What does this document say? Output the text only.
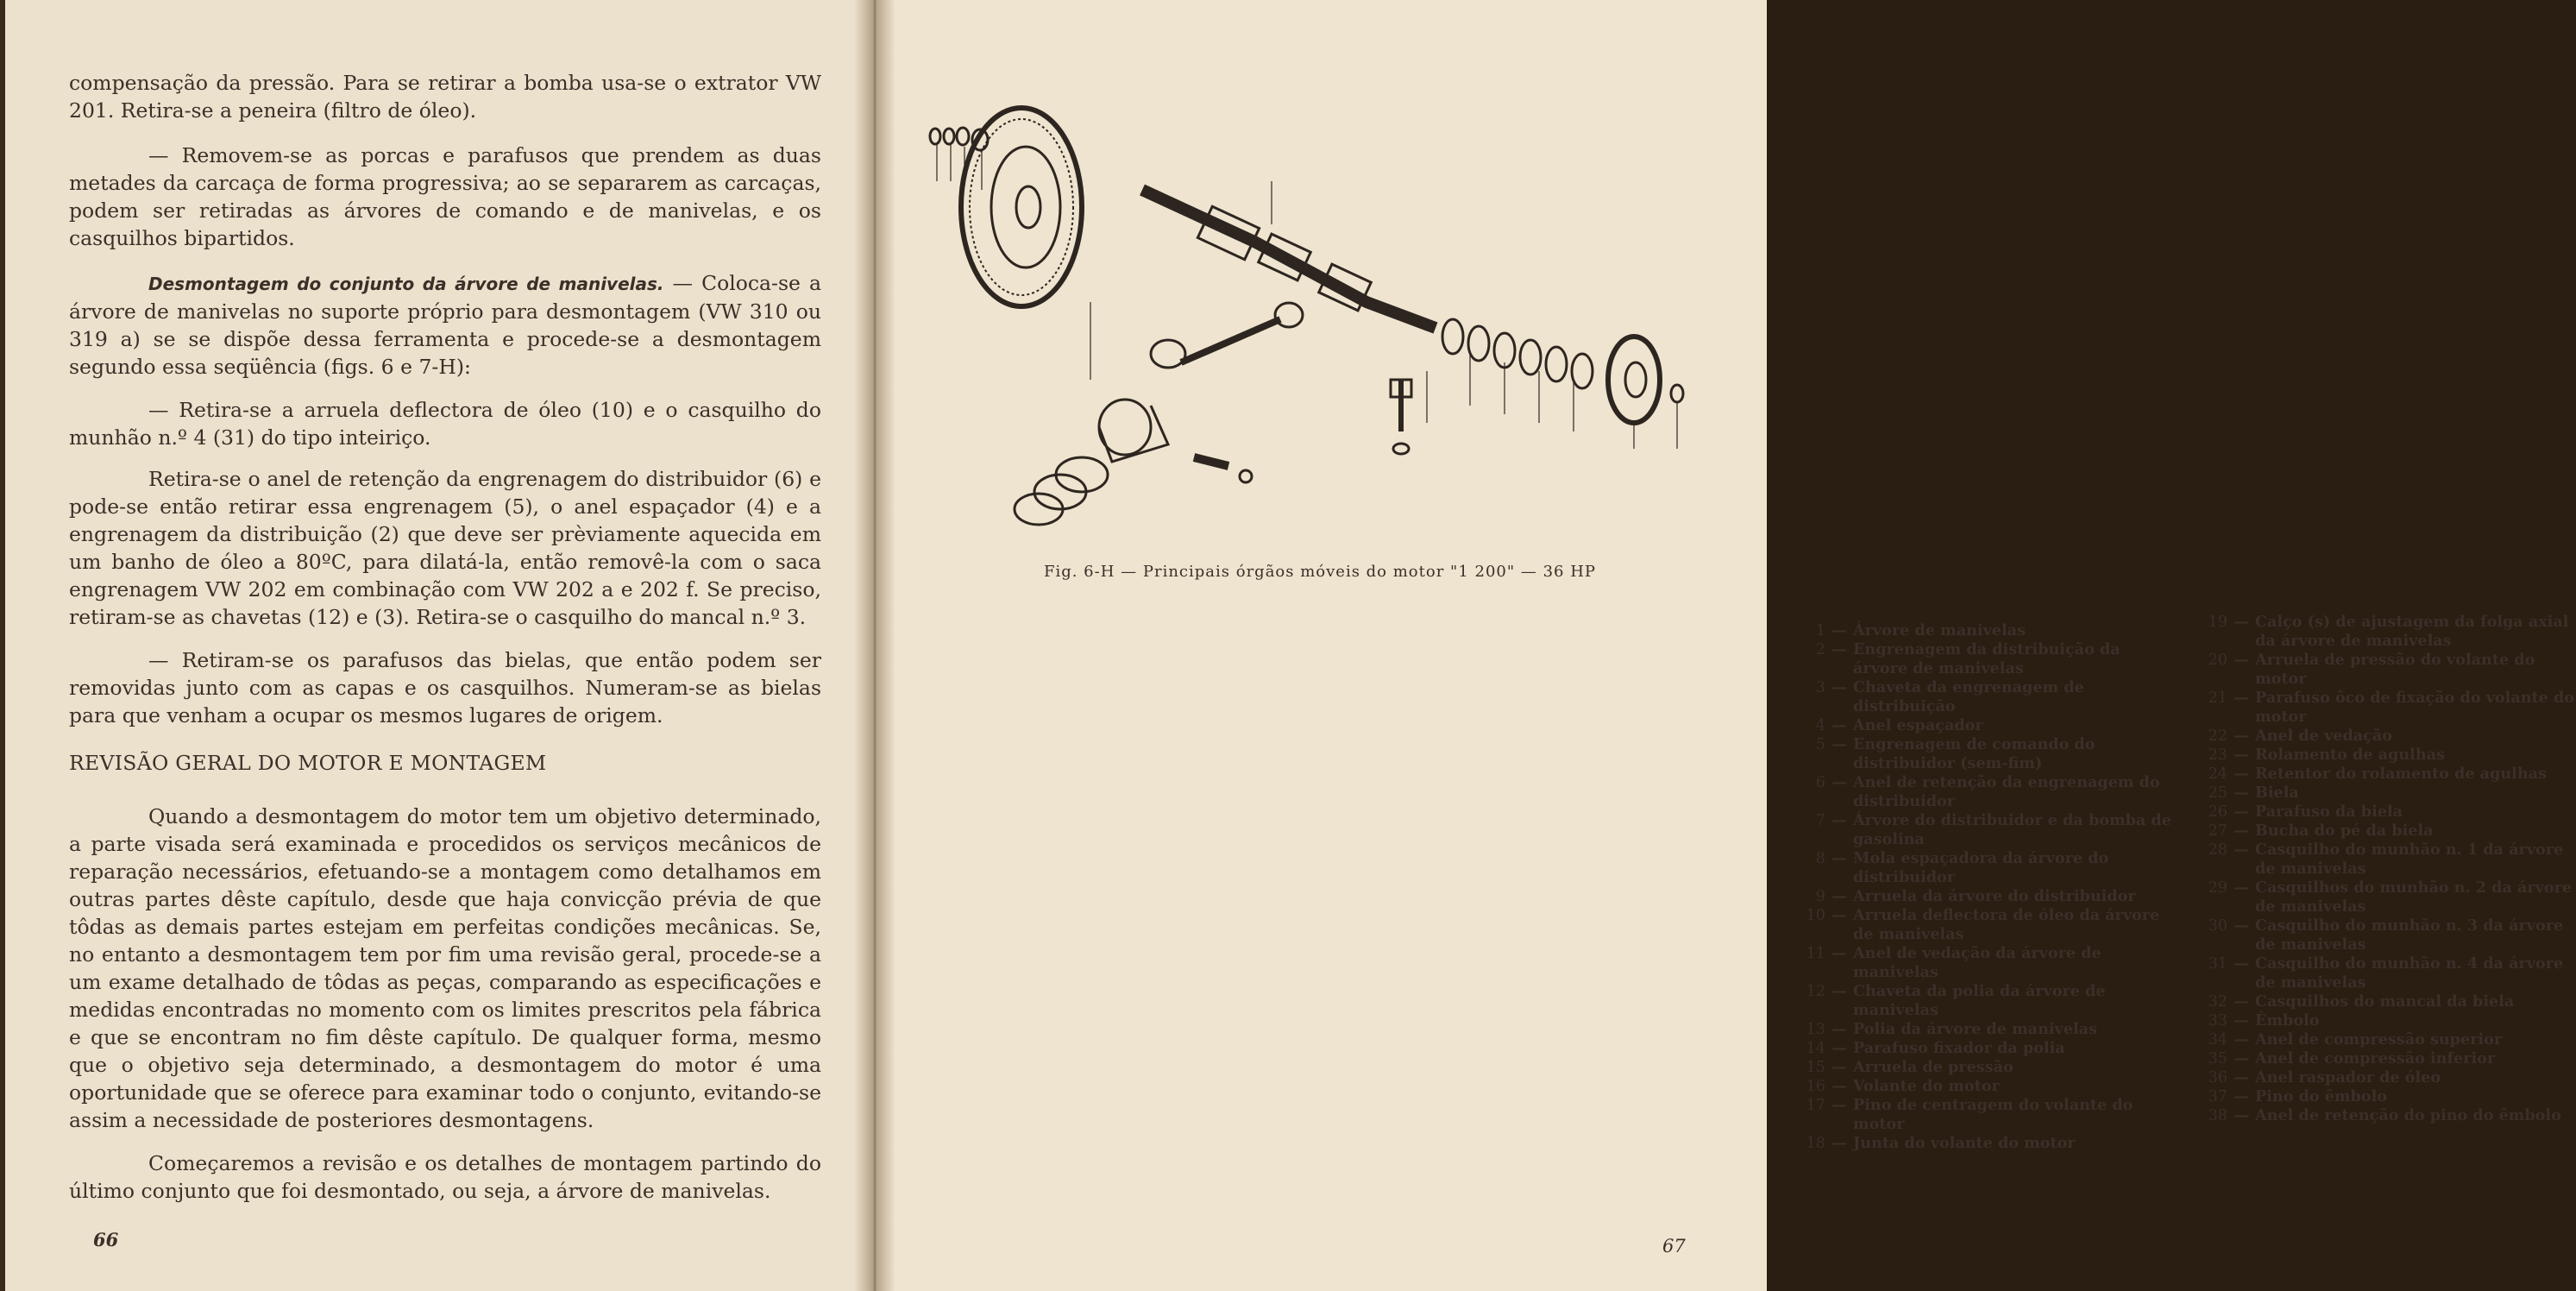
compensação da pressão. Para se retirar a bomba usa-se o extrator VW 201. Retira-se a peneira (filtro de óleo).

— Removem-se as porcas e parafusos que prendem as duas metades da carcaça de forma progressiva; ao se separarem as carcaças, podem ser retiradas as árvores de comando e de manivelas, e os casquilhos bipartidos.

Desmontagem do conjunto da árvore de manivelas. — Coloca-se a árvore de manivelas no suporte próprio para desmontagem (VW 310 ou 319 a) se se dispõe dessa ferramenta e procede-se a desmontagem segundo essa seqüência (figs. 6 e 7-H):

— Retira-se a arruela deflectora de óleo (10) e o casquilho do munhão n.º 4 (31) do tipo inteiriço.

Retira-se o anel de retenção da engrenagem do distribuidor (6) e pode-se então retirar essa engrenagem (5), o anel espaçador (4) e a engrenagem da distribuição (2) que deve ser prèviamente aquecida em um banho de óleo a 80ºC, para dilatá-la, então removê-la com o saca engrenagem VW 202 em combinação com VW 202 a e 202 f. Se preciso, retiram-se as chavetas (12) e (3). Retira-se o casquilho do mancal n.º 3.

— Retiram-se os parafusos das bielas, que então podem ser removidas junto com as capas e os casquilhos. Numeram-se as bielas para que venham a ocupar os mesmos lugares de origem.

REVISÃO GERAL DO MOTOR E MONTAGEM

Quando a desmontagem do motor tem um objetivo determinado, a parte visada será examinada e procedidos os serviços mecânicos de reparação necessários, efetuando-se a montagem como detalhamos em outras partes dêste capítulo, desde que haja convicção prévia de que tôdas as demais partes estejam em perfeitas condições mecânicas. Se, no entanto a desmontagem tem por fim uma revisão geral, procede-se a um exame detalhado de tôdas as peças, comparando as especificações e medidas encontradas no momento com os limites prescritos pela fábrica e que se encontram no fim dêste capítulo. De qualquer forma, mesmo que o objetivo seja determinado, a desmontagem do motor é uma oportunidade que se oferece para examinar todo o conjunto, evitando-se assim a necessidade de posteriores desmontagens.

Começaremos a revisão e os detalhes de montagem partindo do último conjunto que foi desmontado, ou seja, a árvore de manivelas.

66
Fig. 6-H — Principais órgãos móveis do motor "1 200" — 36 HP
1 — Árvore de manivelas
2 — Engrenagem da distribuição da árvore de manivelas
3 — Chaveta da engrenagem de distribuição
4 — Anel espaçador
5 — Engrenagem de comando do distribuidor (sem-fim)
6 — Anel de retenção da engrenagem do distribuidor
7 — Árvore do distribuidor e da bomba de gasolina
8 — Mola espaçadora da árvore do distribuidor
9 — Arruela da árvore do distribuidor
10 — Arruela deflectora de óleo da árvore de manivelas
11 — Anel de vedação da árvore de manivelas
12 — Chaveta da polia da árvore de manivelas
13 — Polia da árvore de manivelas
14 — Parafuso fixador da polia
15 — Arruela de pressão
16 — Volante do motor
17 — Pino de centragem do volante do motor
18 — Junta do volante do motor
19 — Calço (s) de ajustagem da folga axial da árvore de manivelas
20 — Arruela de pressão do volante do motor
21 — Parafuso ôco de fixação do volante do motor
22 — Anel de vedação
23 — Rolamento de agulhas
24 — Retentor do rolamento de agulhas
25 — Biela
26 — Parafuso da biela
27 — Bucha do pé da biela
28 — Casquilho do munhão n. 1 da árvore de manivelas
29 — Casquilhos do munhão n. 2 da árvore de manivelas
30 — Casquilho do munhão n. 3 da árvore de manivelas
31 — Casquilho do munhão n. 4 da árvore de manivelas
32 — Casquilhos do mancal da biela
33 — Êmbolo
34 — Anel de compressão superior
35 — Anel de compressão inferior
36 — Anel raspador de óleo
37 — Pino do êmbolo
38 — Anel de retenção do pino do êmbolo
67
